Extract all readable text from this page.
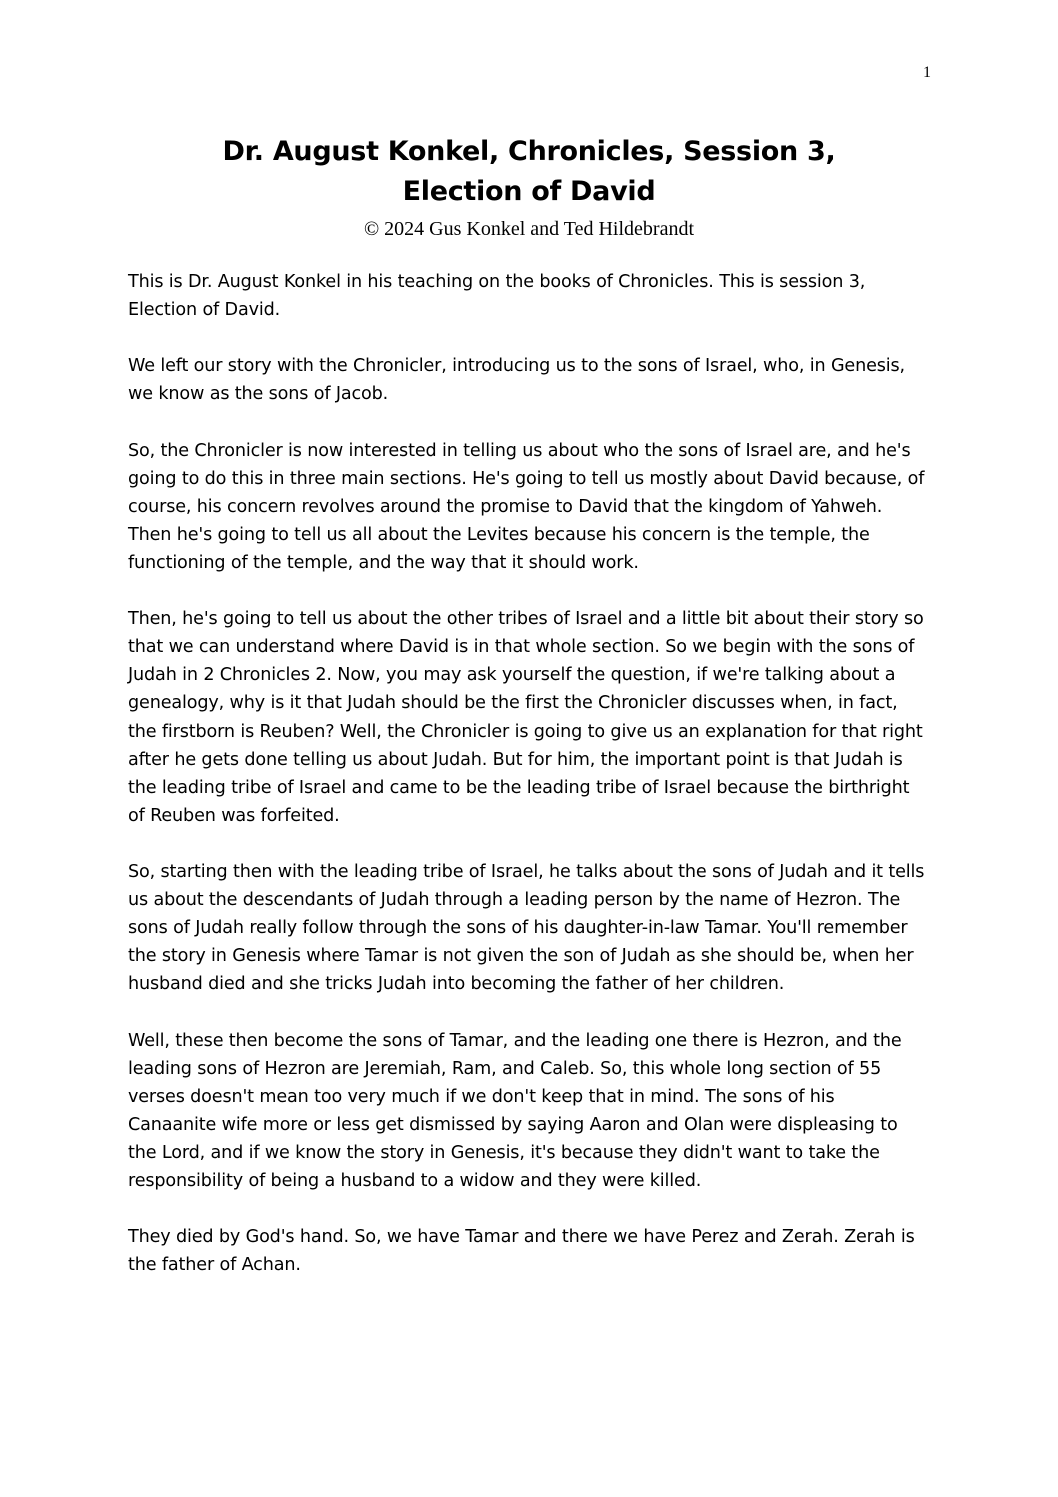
1
Dr. August Konkel, Chronicles, Session 3,
Election of David
© 2024 Gus Konkel and Ted Hildebrandt

This is Dr. August Konkel in his teaching on the books of Chronicles. This is session 3, Election of David.

We left our story with the Chronicler, introducing us to the sons of Israel, who, in Genesis, we know as the sons of Jacob.

So, the Chronicler is now interested in telling us about who the sons of Israel are, and he's going to do this in three main sections. He's going to tell us mostly about David because, of course, his concern revolves around the promise to David that the kingdom of Yahweh. Then he's going to tell us all about the Levites because his concern is the temple, the functioning of the temple, and the way that it should work.

Then, he's going to tell us about the other tribes of Israel and a little bit about their story so that we can understand where David is in that whole section. So we begin with the sons of Judah in 2 Chronicles 2. Now, you may ask yourself the question, if we're talking about a genealogy, why is it that Judah should be the first the Chronicler discusses when, in fact, the firstborn is Reuben? Well, the Chronicler is going to give us an explanation for that right after he gets done telling us about Judah. But for him, the important point is that Judah is the leading tribe of Israel and came to be the leading tribe of Israel because the birthright of Reuben was forfeited.

So, starting then with the leading tribe of Israel, he talks about the sons of Judah and it tells us about the descendants of Judah through a leading person by the name of Hezron. The sons of Judah really follow through the sons of his daughter-in-law Tamar. You'll remember the story in Genesis where Tamar is not given the son of Judah as she should be, when her husband died and she tricks Judah into becoming the father of her children.

Well, these then become the sons of Tamar, and the leading one there is Hezron, and the leading sons of Hezron are Jeremiah, Ram, and Caleb. So, this whole long section of 55 verses doesn't mean too very much if we don't keep that in mind. The sons of his Canaanite wife more or less get dismissed by saying Aaron and Olan were displeasing to the Lord, and if we know the story in Genesis, it's because they didn't want to take the responsibility of being a husband to a widow and they were killed.

They died by God's hand. So, we have Tamar and there we have Perez and Zerah. Zerah is the father of Achan.
